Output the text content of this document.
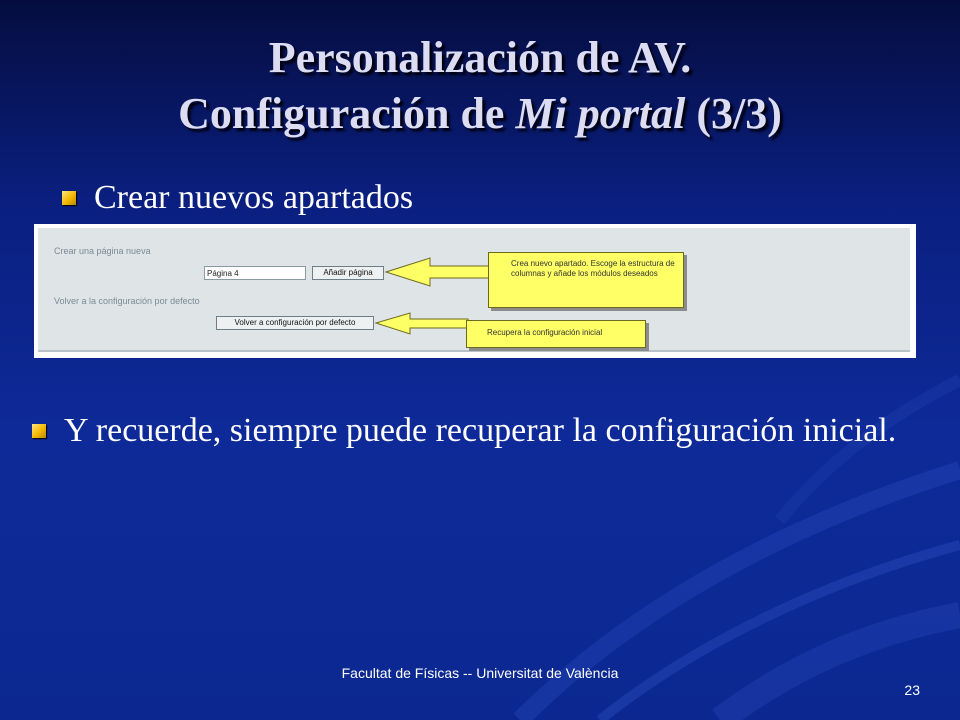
Personalización de AV.
Configuración de Mi portal (3/3)
Crear nuevos apartados
Crear una página nueva
Página 4	Añadir página
Volver a la configuración por defecto
Volver a configuración por defecto
Crea nuevo apartado. Escoge la estructura de columnas y añade los módulos deseados
Recupera la configuración inicial
Y recuerde, siempre puede recuperar la configuración inicial.
Facultat de Físicas -- Universitat de València
23
